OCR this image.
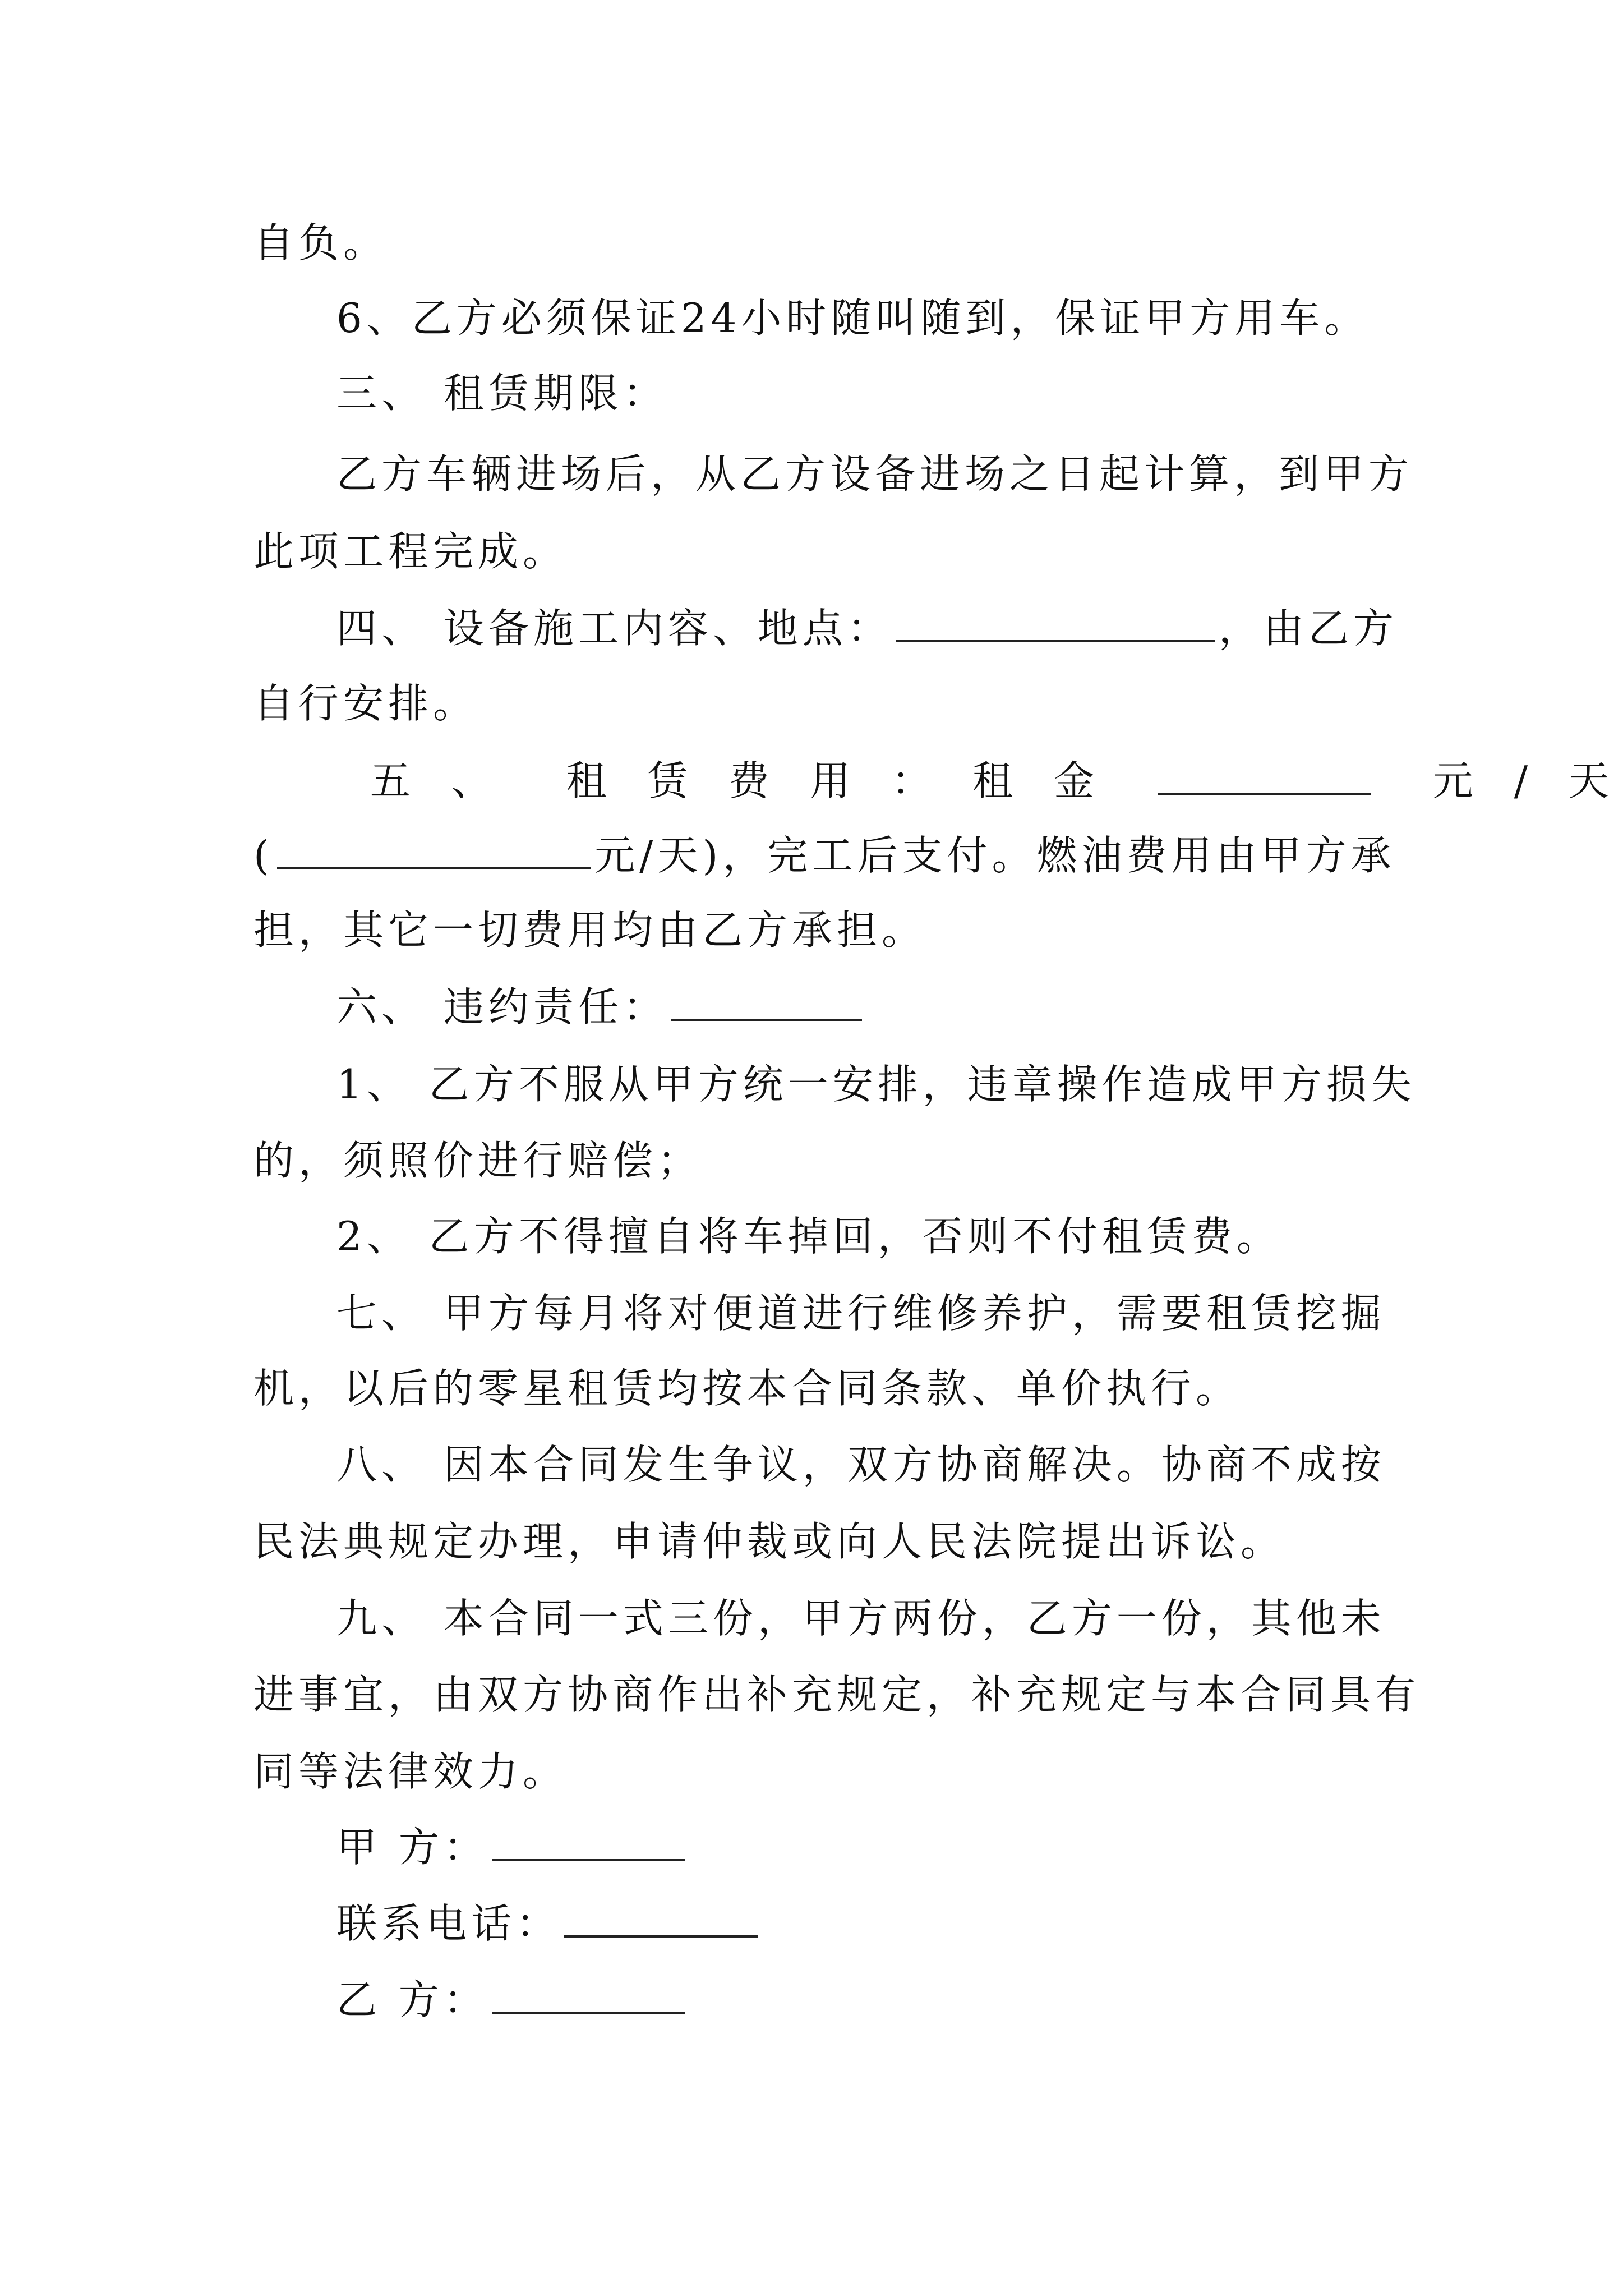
自负。
6、乙方必须保证24小时随叫随到，保证甲方用车。
三、 租赁期限：
乙方车辆进场后，从乙方设备进场之日起计算，到甲方
此项工程完成。
四、 设备施工内容、地点：	，由乙方
自行安排。
五 、 租 赁 费 用 ： 租 金	元 / 天
(	元/天)，完工后支付。燃油费用由甲方承
担，其它一切费用均由乙方承担。
六、 违约责任：
1、 乙方不服从甲方统一安排，违章操作造成甲方损失
的，须照价进行赔偿；
2、 乙方不得擅自将车掉回，否则不付租赁费。
七、 甲方每月将对便道进行维修养护，需要租赁挖掘
机，以后的零星租赁均按本合同条款、单价执行。
八、 因本合同发生争议，双方协商解决。协商不成按
民法典规定办理，申请仲裁或向人民法院提出诉讼。
九、 本合同一式三份，甲方两份，乙方一份，其他未
进事宜，由双方协商作出补充规定，补充规定与本合同具有
同等法律效力。
甲 方：
联系电话：
乙 方：
